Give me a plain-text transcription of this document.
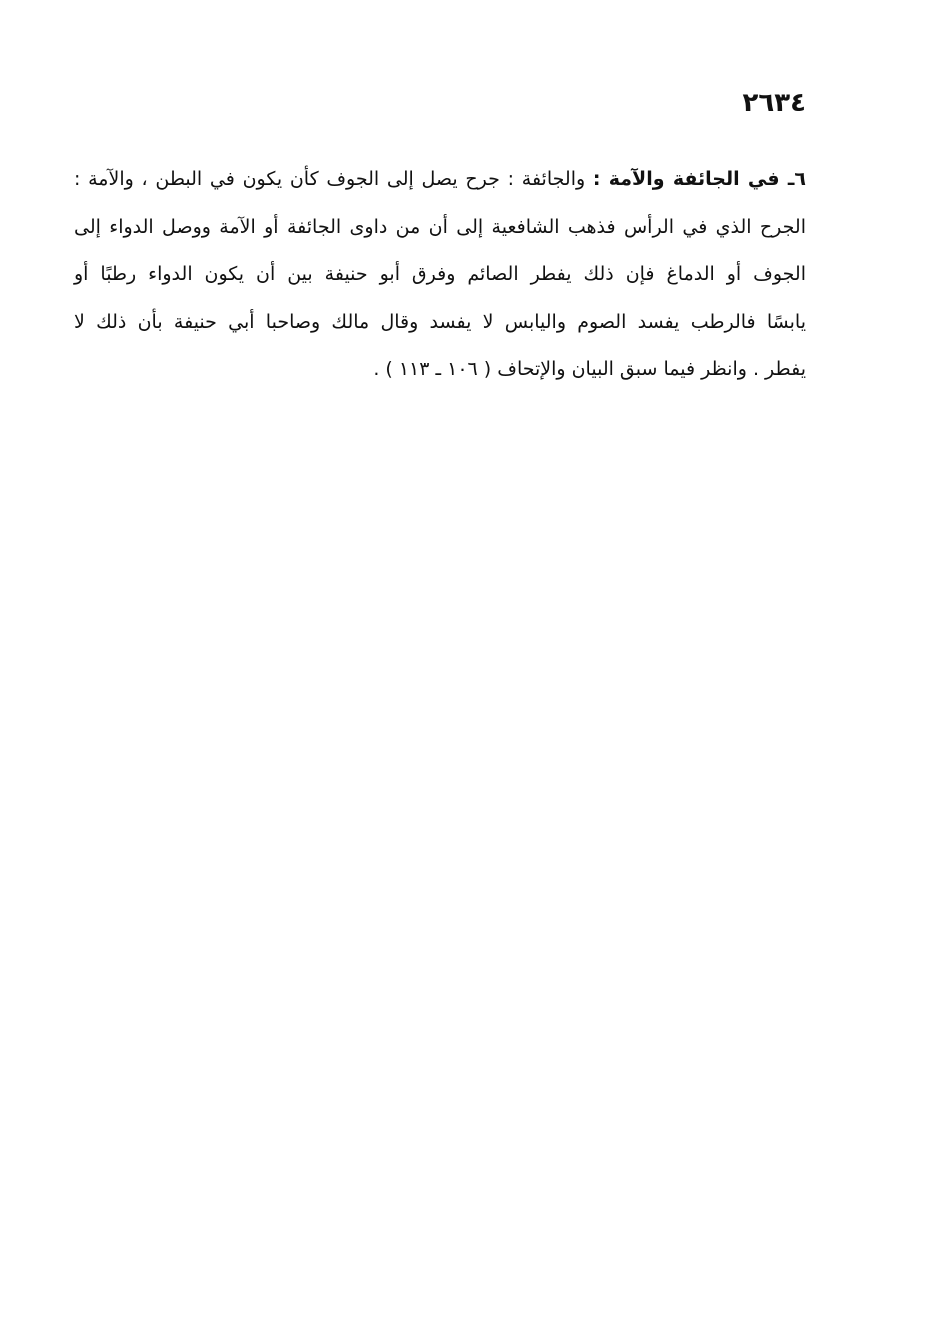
٢٦٣٤
٦ـ في الجائفة والآمة : والجائفة : جرح يصل إلى الجوف كأن يكون في البطن ، والآمة :
الجرح الذي في الرأس فذهب الشافعية إلى أن من داوى الجائفة أو الآمة ووصل الدواء إلى
الجوف أو الدماغ فإن ذلك يفطر الصائم وفرق أبو حنيفة بين أن يكون الدواء رطبًا أو
يابسًا فالرطب يفسد الصوم واليابس لا يفسد وقال مالك وصاحبا أبي حنيفة بأن ذلك لا
يفطر . وانظر فيما سبق البيان والإتحاف ( ١٠٦ ـ ١١٣ ) .
